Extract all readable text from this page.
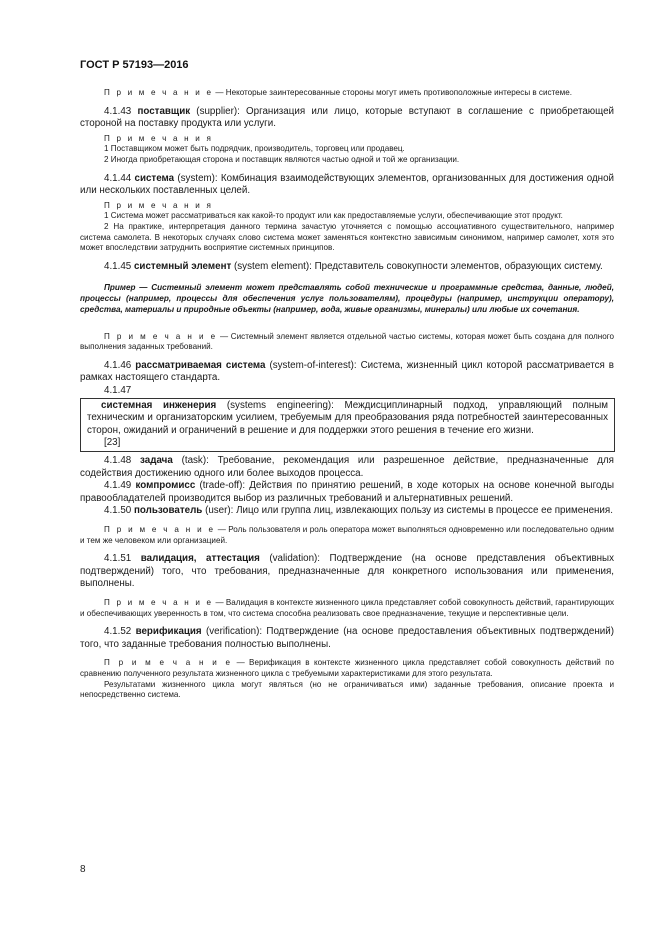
ГОСТ Р 57193—2016

П р и м е ч а н и е — Некоторые заинтересованные стороны могут иметь противоположные интересы в системе.

4.1.43 поставщик (supplier): Организация или лицо, которые вступают в соглашение с приобретающей стороной на поставку продукта или услуги.

П р и м е ч а н и я

1 Поставщиком может быть подрядчик, производитель, торговец или продавец.

2 Иногда приобретающая сторона и поставщик являются частью одной и той же организации.

4.1.44 система (system): Комбинация взаимодействующих элементов, организованных для достижения одной или нескольких поставленных целей.

П р и м е ч а н и я

1 Система может рассматриваться как какой-то продукт или как предоставляемые услуги, обеспечивающие этот продукт.

2 На практике, интерпретация данного термина зачастую уточняется с помощью ассоциативного существительного, например система самолета. В некоторых случаях слово система может заменяться контекстно зависимым синонимом, например самолет, хотя это может впоследствии затруднить восприятие системных принципов.

4.1.45 системный элемент (system element): Представитель совокупности элементов, образующих систему.

Пример — Системный элемент может представлять собой технические и программные средства, данные, людей, процессы (например, процессы для обеспечения услуг пользователям), процедуры (например, инструкции оператору), средства, материалы и природные объекты (например, вода, живые организмы, минералы) или любые их сочетания.

П р и м е ч а н и е — Системный элемент является отдельной частью системы, которая может быть создана для полного выполнения заданных требований.

4.1.46 рассматриваемая система (system-of-interest): Система, жизненный цикл которой рассматривается в рамках настоящего стандарта.

4.1.47

системная инженерия (systems engineering): Междисциплинарный подход, управляющий полным техническим и организаторским усилием, требуемым для преобразования ряда потребностей заинтересованных сторон, ожиданий и ограничений в решение и для поддержки этого решения в течение его жизни.

[23]

4.1.48 задача (task): Требование, рекомендация или разрешенное действие, предназначенные для содействия достижению одного или более выходов процесса.

4.1.49 компромисс (trade-off): Действия по принятию решений, в ходе которых на основе конечной выгоды правообладателей производится выбор из различных требований и альтернативных решений.

4.1.50 пользователь (user): Лицо или группа лиц, извлекающих пользу из системы в процессе ее применения.

П р и м е ч а н и е — Роль пользователя и роль оператора может выполняться одновременно или последовательно одним и тем же человеком или организацией.

4.1.51 валидация, аттестация (validation): Подтверждение (на основе представления объективных подтверждений) того, что требования, предназначенные для конкретного использования или применения, выполнены.

П р и м е ч а н и е — Валидация в контексте жизненного цикла представляет собой совокупность действий, гарантирующих и обеспечивающих уверенность в том, что система способна реализовать свое предназначение, текущие и перспективные цели.

4.1.52 верификация (verification): Подтверждение (на основе предоставления объективных подтверждений) того, что заданные требования полностью выполнены.

П р и м е ч а н и е — Верификация в контексте жизненного цикла представляет собой совокупность действий по сравнению полученного результата жизненного цикла с требуемыми характеристиками для этого результата.

Результатами жизненного цикла могут являться (но не ограничиваться ими) заданные требования, описание проекта и непосредственно система.

8
